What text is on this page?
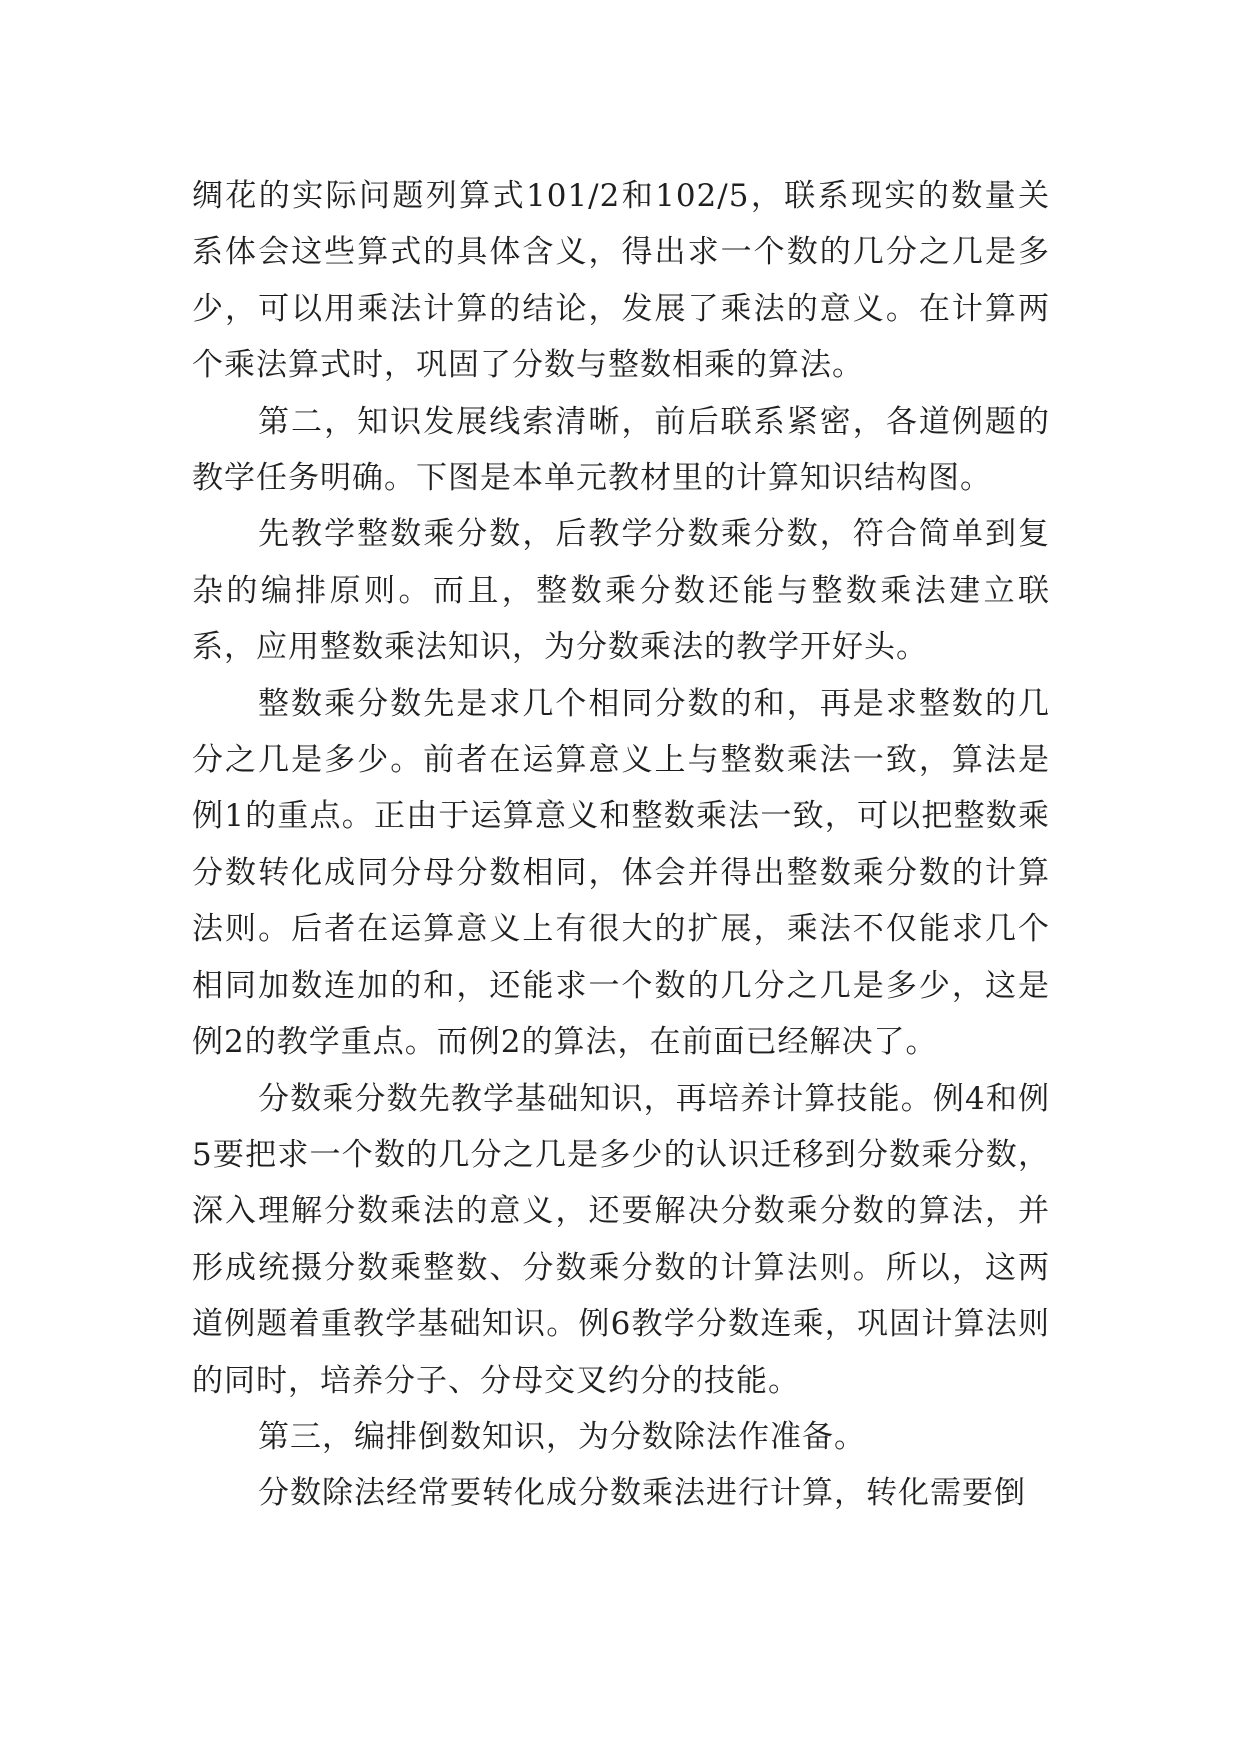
绸花的实际问题列算式101/2和102/5，联系现实的数量关系体会这些算式的具体含义，得出求一个数的几分之几是多少，可以用乘法计算的结论，发展了乘法的意义。在计算两个乘法算式时，巩固了分数与整数相乘的算法。

第二，知识发展线索清晰，前后联系紧密，各道例题的教学任务明确。下图是本单元教材里的计算知识结构图。

先教学整数乘分数，后教学分数乘分数，符合简单到复杂的编排原则。而且，整数乘分数还能与整数乘法建立联系，应用整数乘法知识，为分数乘法的教学开好头。

整数乘分数先是求几个相同分数的和，再是求整数的几分之几是多少。前者在运算意义上与整数乘法一致，算法是例1的重点。正由于运算意义和整数乘法一致，可以把整数乘分数转化成同分母分数相同，体会并得出整数乘分数的计算法则。后者在运算意义上有很大的扩展，乘法不仅能求几个相同加数连加的和，还能求一个数的几分之几是多少，这是例2的教学重点。而例2的算法，在前面已经解决了。

分数乘分数先教学基础知识，再培养计算技能。例4和例5要把求一个数的几分之几是多少的认识迁移到分数乘分数，深入理解分数乘法的意义，还要解决分数乘分数的算法，并形成统摄分数乘整数、分数乘分数的计算法则。所以，这两道例题着重教学基础知识。例6教学分数连乘，巩固计算法则的同时，培养分子、分母交叉约分的技能。

第三，编排倒数知识，为分数除法作准备。

分数除法经常要转化成分数乘法进行计算，转化需要倒
